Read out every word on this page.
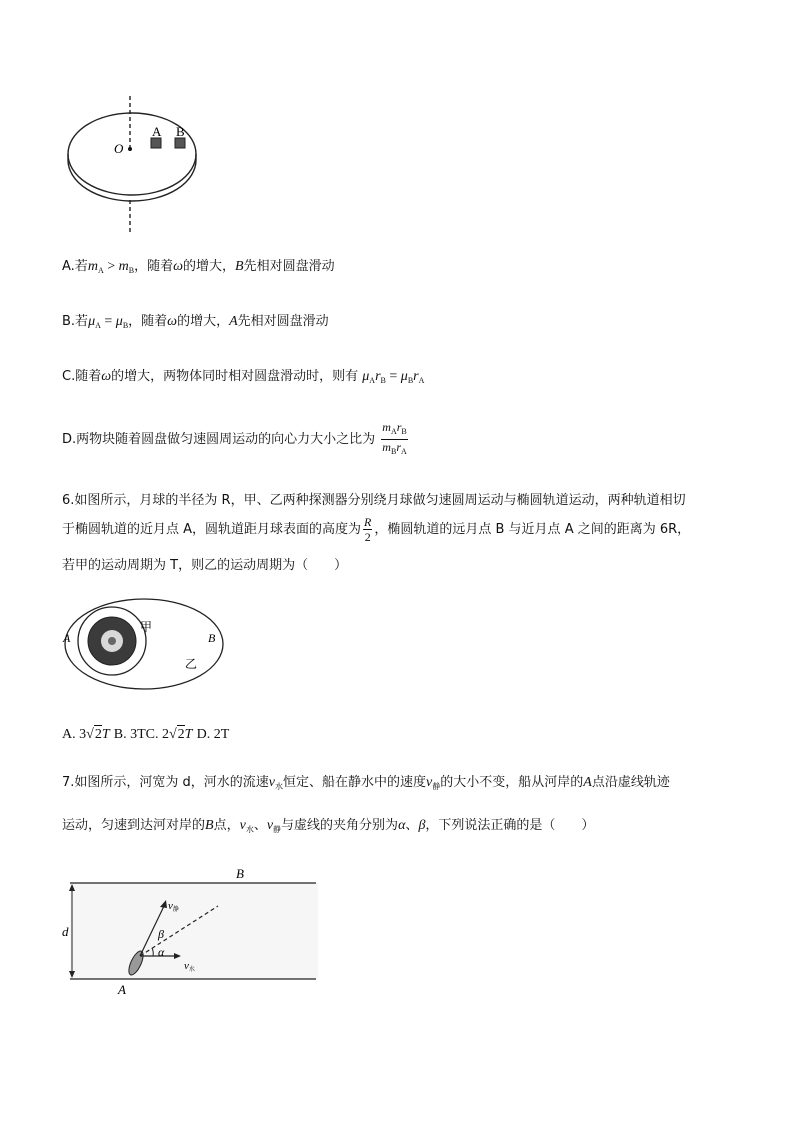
O
A B
A.若$m_A > m_B$，随着ω的增大，B先相对圆盘滑动
B.若$\mu_A = \mu_B$，随着ω的增大，A先相对圆盘滑动
C.随着ω的增大，两物体同时相对圆盘滑动时，则有 $\mu_Ar_B = \mu_Br_A$
D.两物块随着圆盘做匀速圆周运动的向心力大小之比为 $\frac{m_Ar_B}{m_Br_A}$
6.如图所示，月球的半径为 R，甲、乙两种探测器分别绕月球做匀速圆周运动与椭圆轨道运动，两种轨道相切
于椭圆轨道的近月点 A，圆轨道距月球表面的高度为 $\frac{R}{2}$ ，椭圆轨道的远月点 B 与近月点 A 之间的距离为 6R，
若甲的运动周期为 T，则乙的运动周期为（　　）
A	B
甲
乙
A. 3√2T B. 3TC. 2√2T D. 2T
7.如图所示，河宽为 d，河水的流速$v_水$恒定、船在静水中的速度$v_静$的大小不变，船从河岸的A点沿虚线轨迹
运动，匀速到达河对岸的B点，$v_水$、$v_静$与虚线的夹角分别为α、β，下列说法正确的是（　　）
B
A
d
v静
v水
β
α
